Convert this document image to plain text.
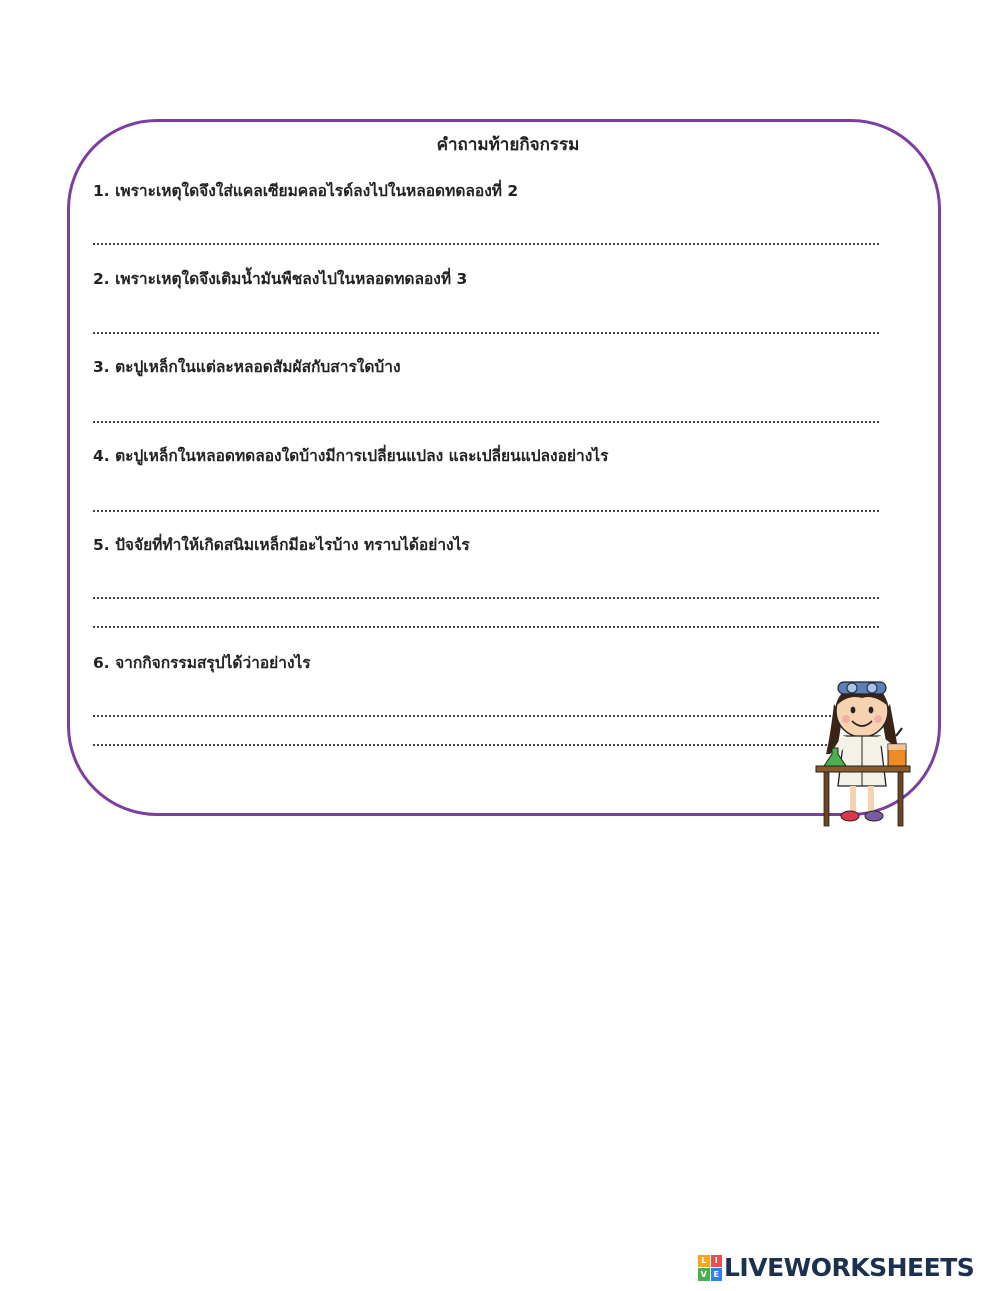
คำถามท้ายกิจกรรม
1. เพราะเหตุใดจึงใส่แคลเซียมคลอไรด์ลงไปในหลอดทดลองที่ 2
2. เพราะเหตุใดจึงเติมน้ำมันพืชลงไปในหลอดทดลองที่ 3
3. ตะปูเหล็กในแต่ละหลอดสัมผัสกับสารใดบ้าง
4. ตะปูเหล็กในหลอดทดลองใดบ้างมีการเปลี่ยนแปลง และเปลี่ยนแปลงอย่างไร
5. ปัจจัยที่ทำให้เกิดสนิมเหล็กมีอะไรบ้าง ทราบได้อย่างไร
6. จากกิจกรรมสรุปได้ว่าอย่างไร
L	I
V E LIVEWORKSHEETS
